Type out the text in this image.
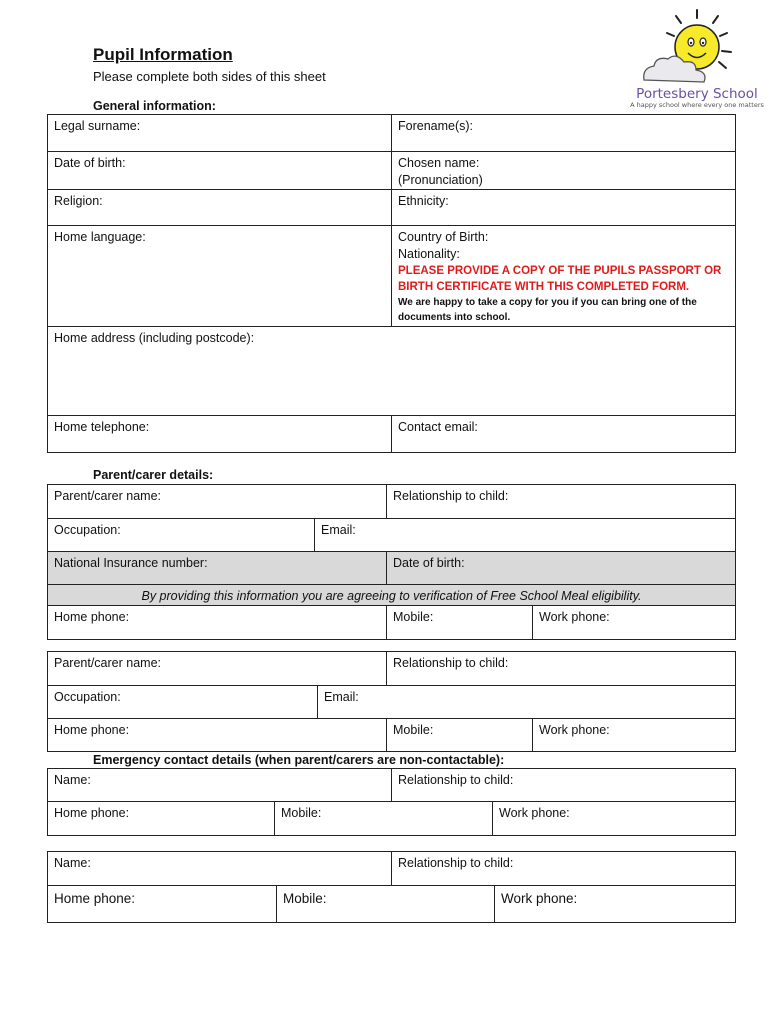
Pupil Information
Please complete both sides of this sheet
Portesbery School
A happy school where every one matters
General information:
Legal surname:	Forename(s):
Date of birth:	Chosen name:
(Pronunciation)

Religion:	Ethnicity:
Home language:	Country of Birth:
Nationality:
PLEASE PROVIDE A COPY OF THE PUPILS PASSPORT OR BIRTH CERTIFICATE WITH THIS COMPLETED FORM.
We are happy to take a copy for you if you can bring one of the documents into school.

Home address (including postcode):	
Home telephone:	Contact email:
Parent/carer details:
Parent/carer name:		Relationship to child:	
Occupation:	Email:		
National Insurance number:		Date of birth:	
By providing this information you are agreeing to verification of Free School Meal eligibility.			
Home phone:		Mobile:	Work phone:
Parent/carer name:		Relationship to child:	
Occupation:	Email:		
Home phone:		Mobile:	Work phone:
Emergency contact details (when parent/carers are non-contactable):
Name:		Relationship to child:	
Home phone:	Mobile:		Work phone:
Name:		Relationship to child:	
Home phone:	Mobile:		Work phone:
